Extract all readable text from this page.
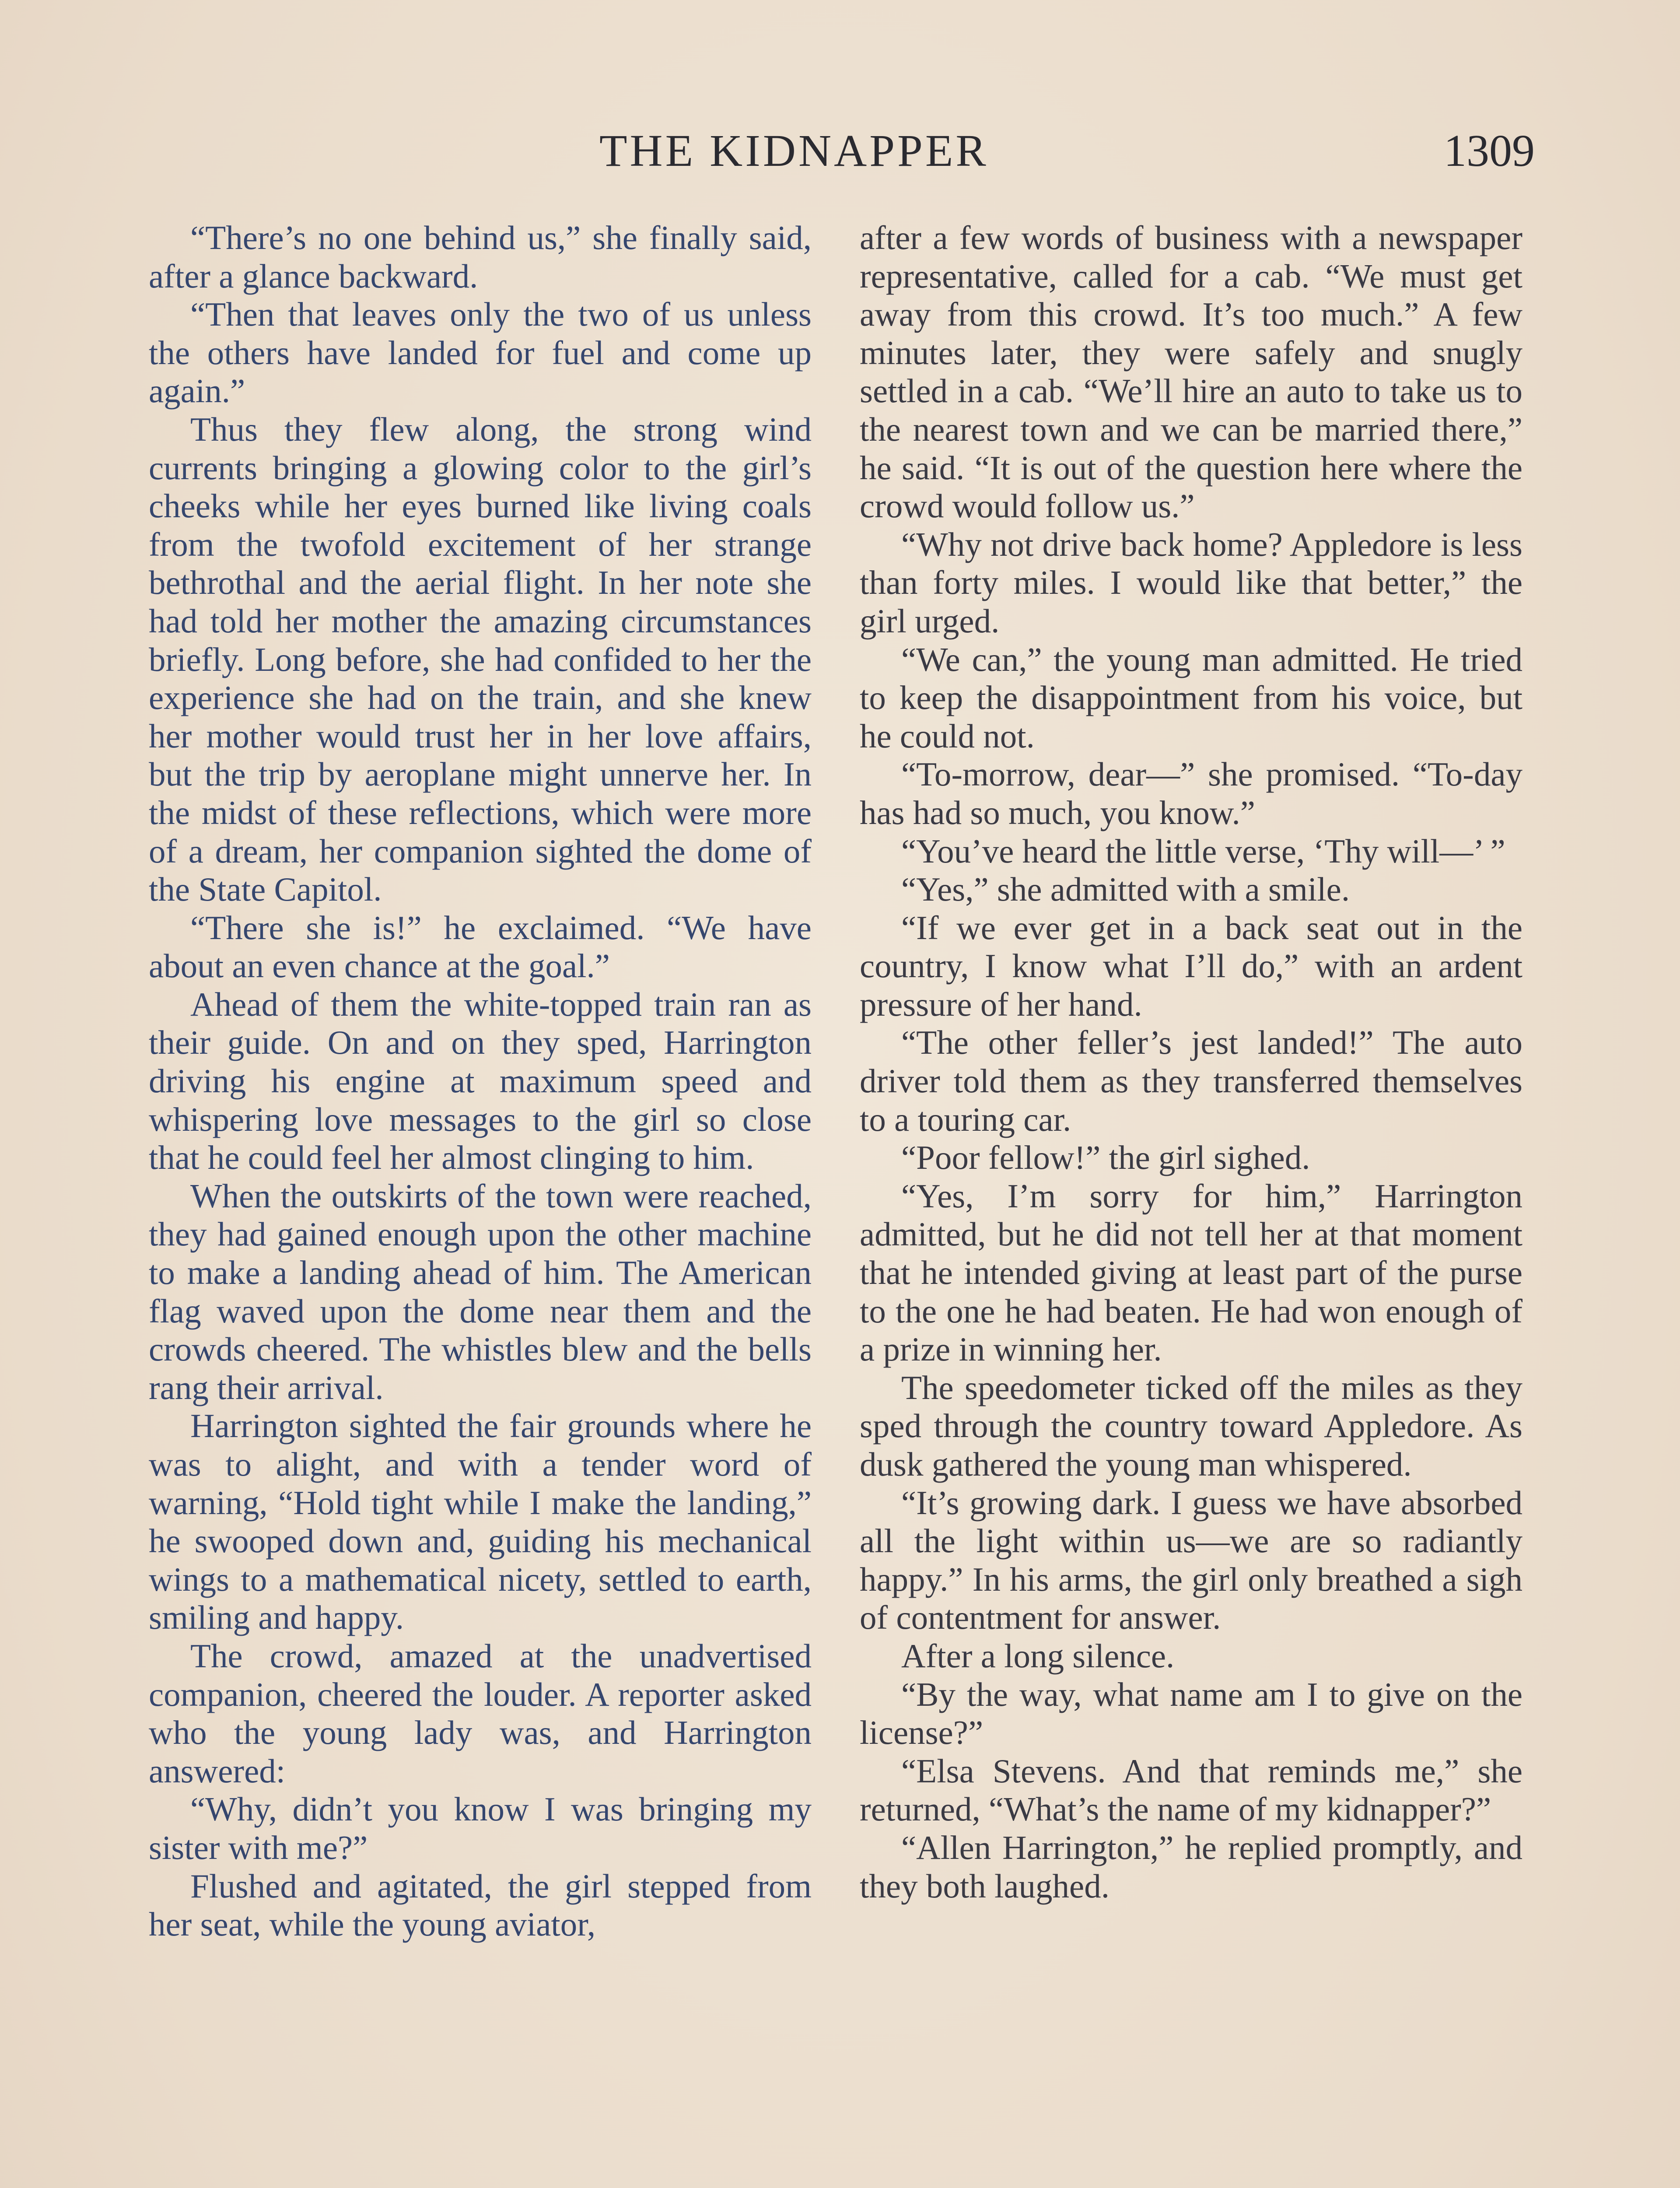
THE KIDNAPPER	1309

“There’s no one behind us,” she finally said, after a glance backward.

“Then that leaves only the two of us unless the others have landed for fuel and come up again.”

Thus they flew along, the strong wind currents bringing a glowing color to the girl’s cheeks while her eyes burned like living coals from the twofold excitement of her strange bethrothal and the aerial flight. In her note she had told her mother the amazing circumstances briefly. Long before, she had confided to her the experience she had on the train, and she knew her mother would trust her in her love affairs, but the trip by aeroplane might unnerve her. In the midst of these reflections, which were more of a dream, her companion sighted the dome of the State Capitol.

“There she is!” he exclaimed. “We have about an even chance at the goal.”

Ahead of them the white-topped train ran as their guide. On and on they sped, Harrington driving his engine at maximum speed and whispering love messages to the girl so close that he could feel her almost clinging to him.

When the outskirts of the town were reached, they had gained enough upon the other machine to make a landing ahead of him. The American flag waved upon the dome near them and the crowds cheered. The whistles blew and the bells rang their arrival.

Harrington sighted the fair grounds where he was to alight, and with a tender word of warning, “Hold tight while I make the landing,” he swooped down and, guiding his mechanical wings to a mathematical nicety, settled to earth, smiling and happy.

The crowd, amazed at the unadvertised companion, cheered the louder. A reporter asked who the young lady was, and Harrington answered:

“Why, didn’t you know I was bringing my sister with me?”

Flushed and agitated, the girl stepped from her seat, while the young aviator,

after a few words of business with a newspaper representative, called for a cab. “We must get away from this crowd. It’s too much.” A few minutes later, they were safely and snugly settled in a cab. “We’ll hire an auto to take us to the nearest town and we can be married there,” he said. “It is out of the question here where the crowd would follow us.”

“Why not drive back home? Appledore is less than forty miles. I would like that better,” the girl urged.

“We can,” the young man admitted. He tried to keep the disappointment from his voice, but he could not.

“To-morrow, dear—” she promised. “To-day has had so much, you know.”

“You’ve heard the little verse, ‘Thy will—’ ”

“Yes,” she admitted with a smile.

“If we ever get in a back seat out in the country, I know what I’ll do,” with an ardent pressure of her hand.

“The other feller’s jest landed!” The auto driver told them as they transferred themselves to a touring car.

“Poor fellow!” the girl sighed.

“Yes, I’m sorry for him,” Harrington admitted, but he did not tell her at that moment that he intended giving at least part of the purse to the one he had beaten. He had won enough of a prize in winning her.

The speedometer ticked off the miles as they sped through the country toward Appledore. As dusk gathered the young man whispered.

“It’s growing dark. I guess we have absorbed all the light within us—we are so radiantly happy.” In his arms, the girl only breathed a sigh of contentment for answer.

After a long silence.

“By the way, what name am I to give on the license?”

“Elsa Stevens. And that reminds me,” she returned, “What’s the name of my kidnapper?”

“Allen Harrington,” he replied promptly, and they both laughed.
